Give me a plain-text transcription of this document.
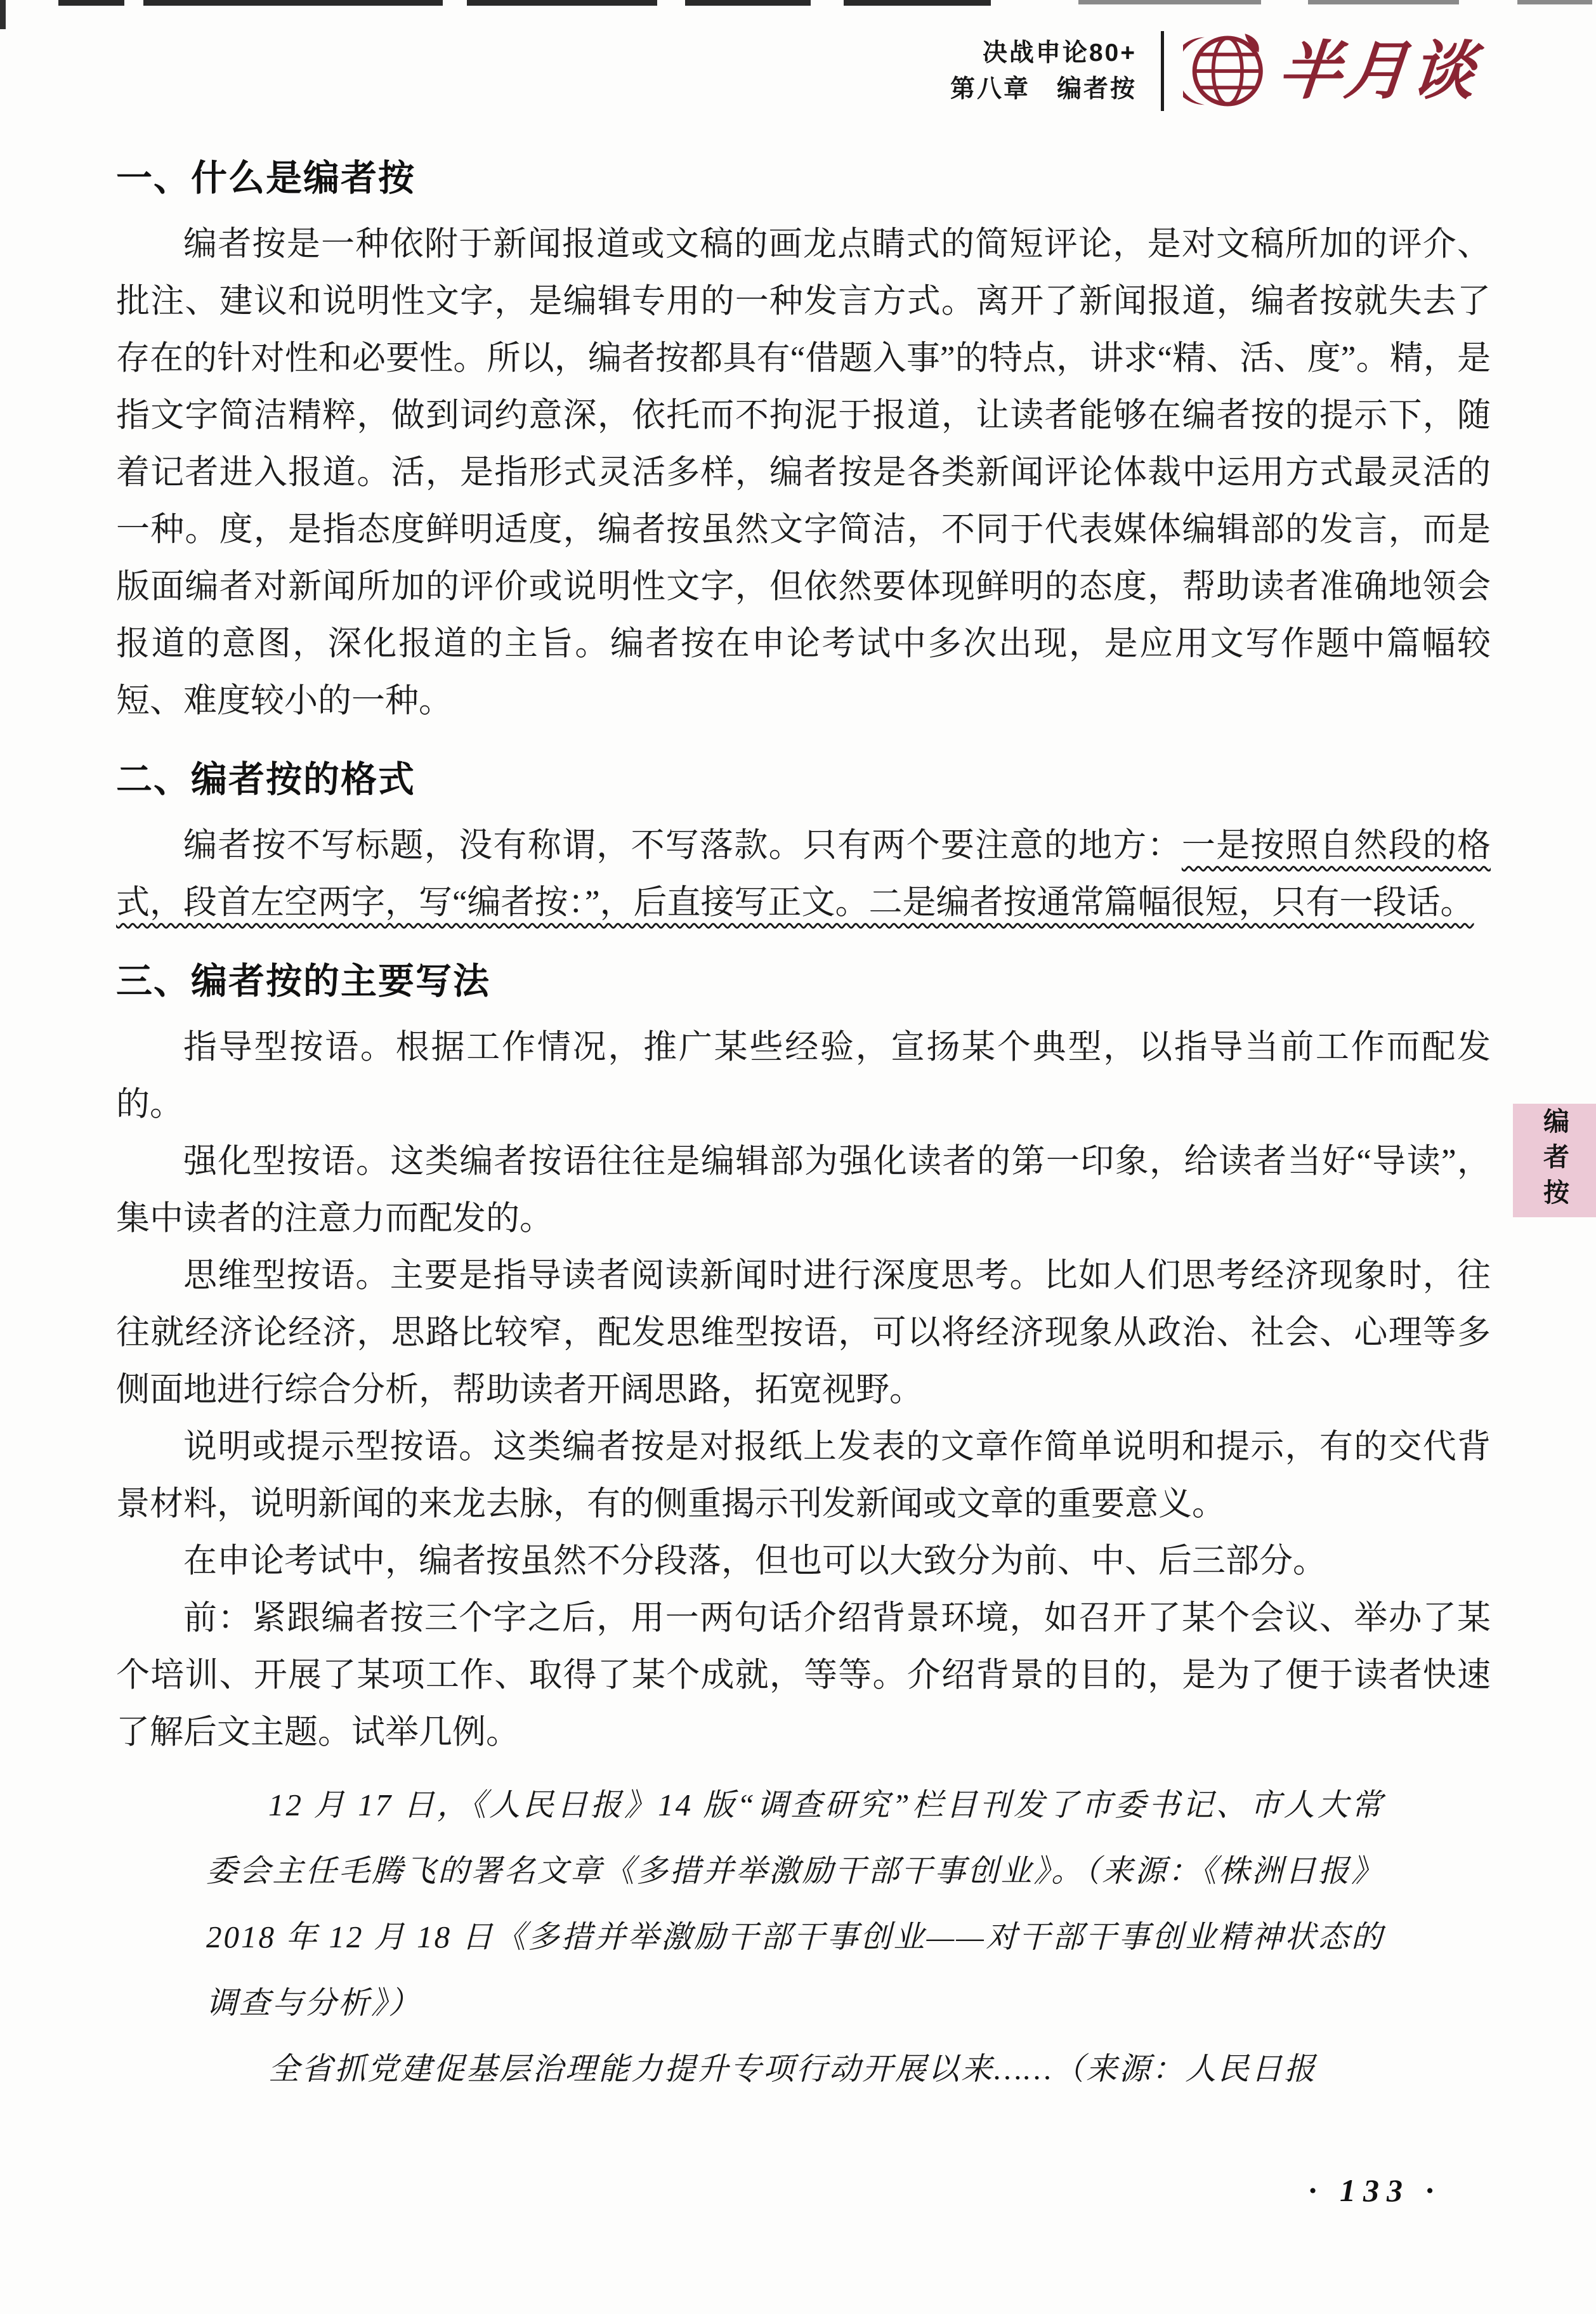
决战申论80+
第八章　编者按 半月谈
一、什么是编者按

编者按是一种依附于新闻报道或文稿的画龙点睛式的简短评论，是对文稿所加的评介、批注、建议和说明性文字，是编辑专用的一种发言方式。离开了新闻报道，编者按就失去了存在的针对性和必要性。所以，编者按都具有“借题入事”的特点，讲求“精、活、度”。精，是指文字简洁精粹，做到词约意深，依托而不拘泥于报道，让读者能够在编者按的提示下，随着记者进入报道。活，是指形式灵活多样，编者按是各类新闻评论体裁中运用方式最灵活的一种。度，是指态度鲜明适度，编者按虽然文字简洁，不同于代表媒体编辑部的发言，而是版面编者对新闻所加的评价或说明性文字，但依然要体现鲜明的态度，帮助读者准确地领会报道的意图，深化报道的主旨。编者按在申论考试中多次出现，是应用文写作题中篇幅较短、难度较小的一种。

二、编者按的格式

编者按不写标题，没有称谓，不写落款。只有两个要注意的地方：一是按照自然段的格式，段首左空两字，写“编者按：”，后直接写正文。二是编者按通常篇幅很短，只有一段话。

三、编者按的主要写法

指导型按语。根据工作情况，推广某些经验，宣扬某个典型，以指导当前工作而配发的。

强化型按语。这类编者按语往往是编辑部为强化读者的第一印象，给读者当好“导读”，集中读者的注意力而配发的。

思维型按语。主要是指导读者阅读新闻时进行深度思考。比如人们思考经济现象时，往往就经济论经济，思路比较窄，配发思维型按语，可以将经济现象从政治、社会、心理等多侧面地进行综合分析，帮助读者开阔思路，拓宽视野。

说明或提示型按语。这类编者按是对报纸上发表的文章作简单说明和提示，有的交代背景材料，说明新闻的来龙去脉，有的侧重揭示刊发新闻或文章的重要意义。

在申论考试中，编者按虽然不分段落，但也可以大致分为前、中、后三部分。

前：紧跟编者按三个字之后，用一两句话介绍背景环境，如召开了某个会议、举办了某个培训、开展了某项工作、取得了某个成就，等等。介绍背景的目的，是为了便于读者快速了解后文主题。试举几例。

12 月 17 日，《人民日报》14 版“调查研究”栏目刊发了市委书记、市人大常委会主任毛腾飞的署名文章《多措并举激励干部干事创业》。（来源：《株洲日报》2018 年 12 月 18 日《多措并举激励干部干事创业——对干部干事创业精神状态的调查与分析》）

全省抓党建促基层治理能力提升专项行动开展以来……（来源：人民日报

编者按
· 133 ·
